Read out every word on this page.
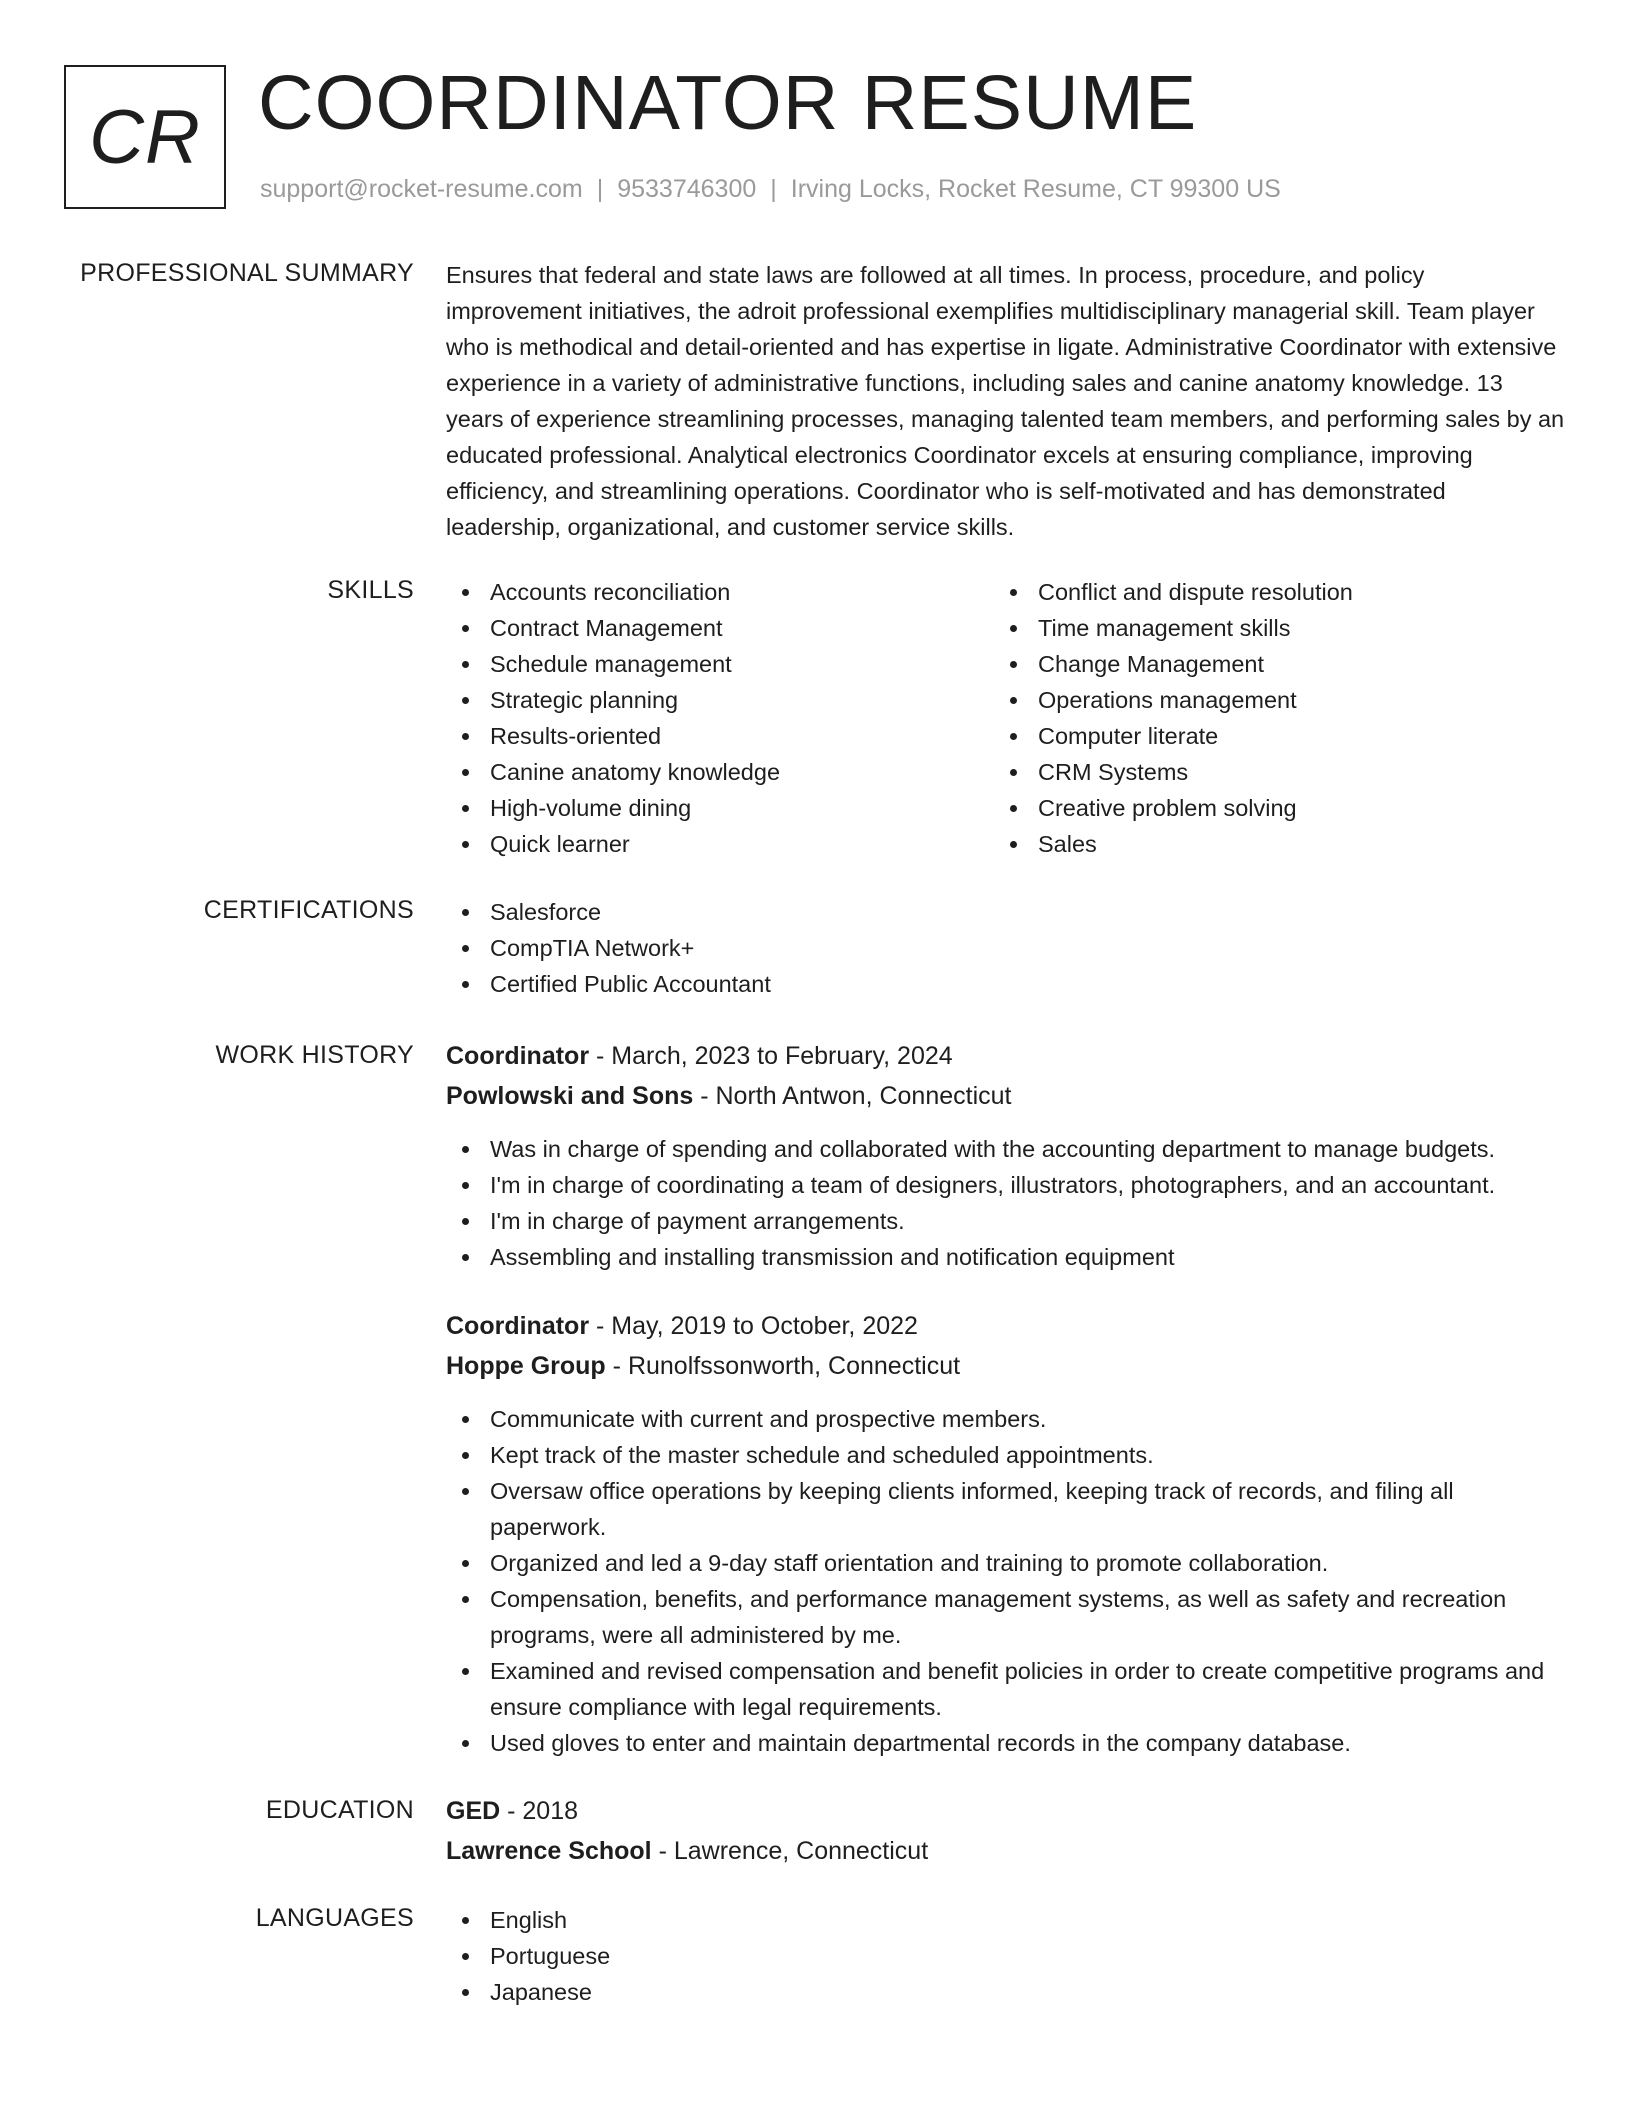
CR COORDINATOR RESUME
support@rocket-resume.com | 9533746300 | Irving Locks, Rocket Resume, CT 99300 US
PROFESSIONAL SUMMARY Ensures that federal and state laws are followed at all times. In process, procedure, and policy improvement initiatives, the adroit professional exemplifies multidisciplinary managerial skill. Team player who is methodical and detail-oriented and has expertise in ligate. Administrative Coordinator with extensive experience in a variety of administrative functions, including sales and canine anatomy knowledge. 13 years of experience streamlining processes, managing talented team members, and performing sales by an educated professional. Analytical electronics Coordinator excels at ensuring compliance, improving efficiency, and streamlining operations. Coordinator who is self-motivated and has demonstrated leadership, organizational, and customer service skills.
SKILLS	Accounts reconciliation
Contract Management
Schedule management
Strategic planning
Results-oriented
Canine anatomy knowledge
High-volume dining
Quick learner
Conflict and dispute resolution
Time management skills
Change Management
Operations management
Computer literate
CRM Systems
Creative problem solving
Sales
CERTIFICATIONS	Salesforce
CompTIA Network+
Certified Public Accountant
WORK HISTORY Coordinator - March, 2023 to February, 2024
Powlowski and Sons - North Antwon, Connecticut
Was in charge of spending and collaborated with the accounting department to manage budgets.
I'm in charge of coordinating a team of designers, illustrators, photographers, and an accountant.
I'm in charge of payment arrangements.
Assembling and installing transmission and notification equipment
Coordinator - May, 2019 to October, 2022
Hoppe Group - Runolfssonworth, Connecticut
Communicate with current and prospective members.
Kept track of the master schedule and scheduled appointments.
Oversaw office operations by keeping clients informed, keeping track of records, and filing all paperwork.
Organized and led a 9-day staff orientation and training to promote collaboration.
Compensation, benefits, and performance management systems, as well as safety and recreation programs, were all administered by me.
Examined and revised compensation and benefit policies in order to create competitive programs and ensure compliance with legal requirements.
Used gloves to enter and maintain departmental records in the company database.
EDUCATION GED - 2018
Lawrence School - Lawrence, Connecticut
LANGUAGES	English
Portuguese
Japanese
